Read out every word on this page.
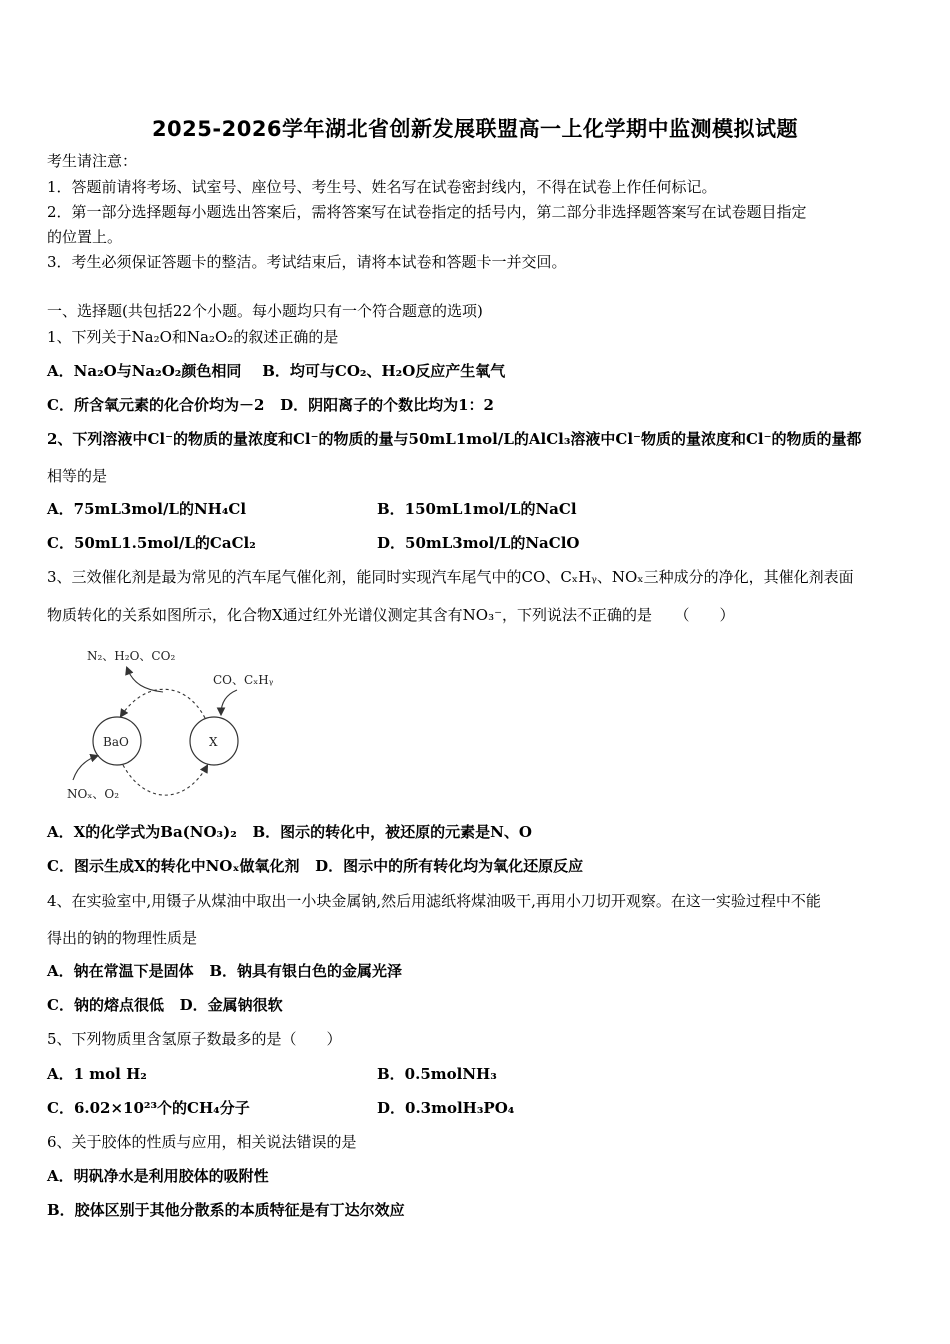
2025-2026学年湖北省创新发展联盟高一上化学期中监测模拟试题
考生请注意：
1．答题前请将考场、试室号、座位号、考生号、姓名写在试卷密封线内，不得在试卷上作任何标记。
2．第一部分选择题每小题选出答案后，需将答案写在试卷指定的括号内，第二部分非选择题答案写在试卷题目指定
的位置上。
3．考生必须保证答题卡的整洁。考试结束后，请将本试卷和答题卡一并交回。
一、选择题(共包括22个小题。每小题均只有一个符合题意的选项)
1、下列关于Na₂O和Na₂O₂的叙述正确的是
A．Na₂O与Na₂O₂颜色相同 B．均可与CO₂、H₂O反应产生氧气
C．所含氧元素的化合价均为－2 D．阴阳离子的个数比均为1：2
2、下列溶液中Cl⁻的物质的量浓度和Cl⁻的物质的量与50mL1mol/L的AlCl₃溶液中Cl⁻物质的量浓度和Cl⁻的物质的量都
相等的是
A．75mL3mol/L的NH₄Cl	B．150mL1mol/L的NaCl
C．50mL1.5mol/L的CaCl₂	D．50mL3mol/L的NaClO
3、三效催化剂是最为常见的汽车尾气催化剂，能同时实现汽车尾气中的CO、CₓHᵧ、NOₓ三种成分的净化，其催化剂表面
物质转化的关系如图所示，化合物X通过红外光谱仪测定其含有NO₃⁻，下列说法不正确的是　　（　　）
N₂、H₂O、CO₂
CO、CₓHᵧ
NOₓ、O₂
BaO	X
A．X的化学式为Ba(NO₃)₂ B．图示的转化中，被还原的元素是N、O
C．图示生成X的转化中NOₓ做氧化剂 D．图示中的所有转化均为氧化还原反应
4、在实验室中,用镊子从煤油中取出一小块金属钠,然后用滤纸将煤油吸干,再用小刀切开观察。在这一实验过程中不能
得出的钠的物理性质是
A．钠在常温下是固体 B．钠具有银白色的金属光泽
C．钠的熔点很低 D．金属钠很软
5、下列物质里含氢原子数最多的是（　　）
A．1 mol H₂	B．0.5molNH₃
C．6.02×10²³个的CH₄分子	D．0.3molH₃PO₄
6、关于胶体的性质与应用，相关说法错误的是
A．明矾净水是利用胶体的吸附性
B．胶体区别于其他分散系的本质特征是有丁达尔效应
